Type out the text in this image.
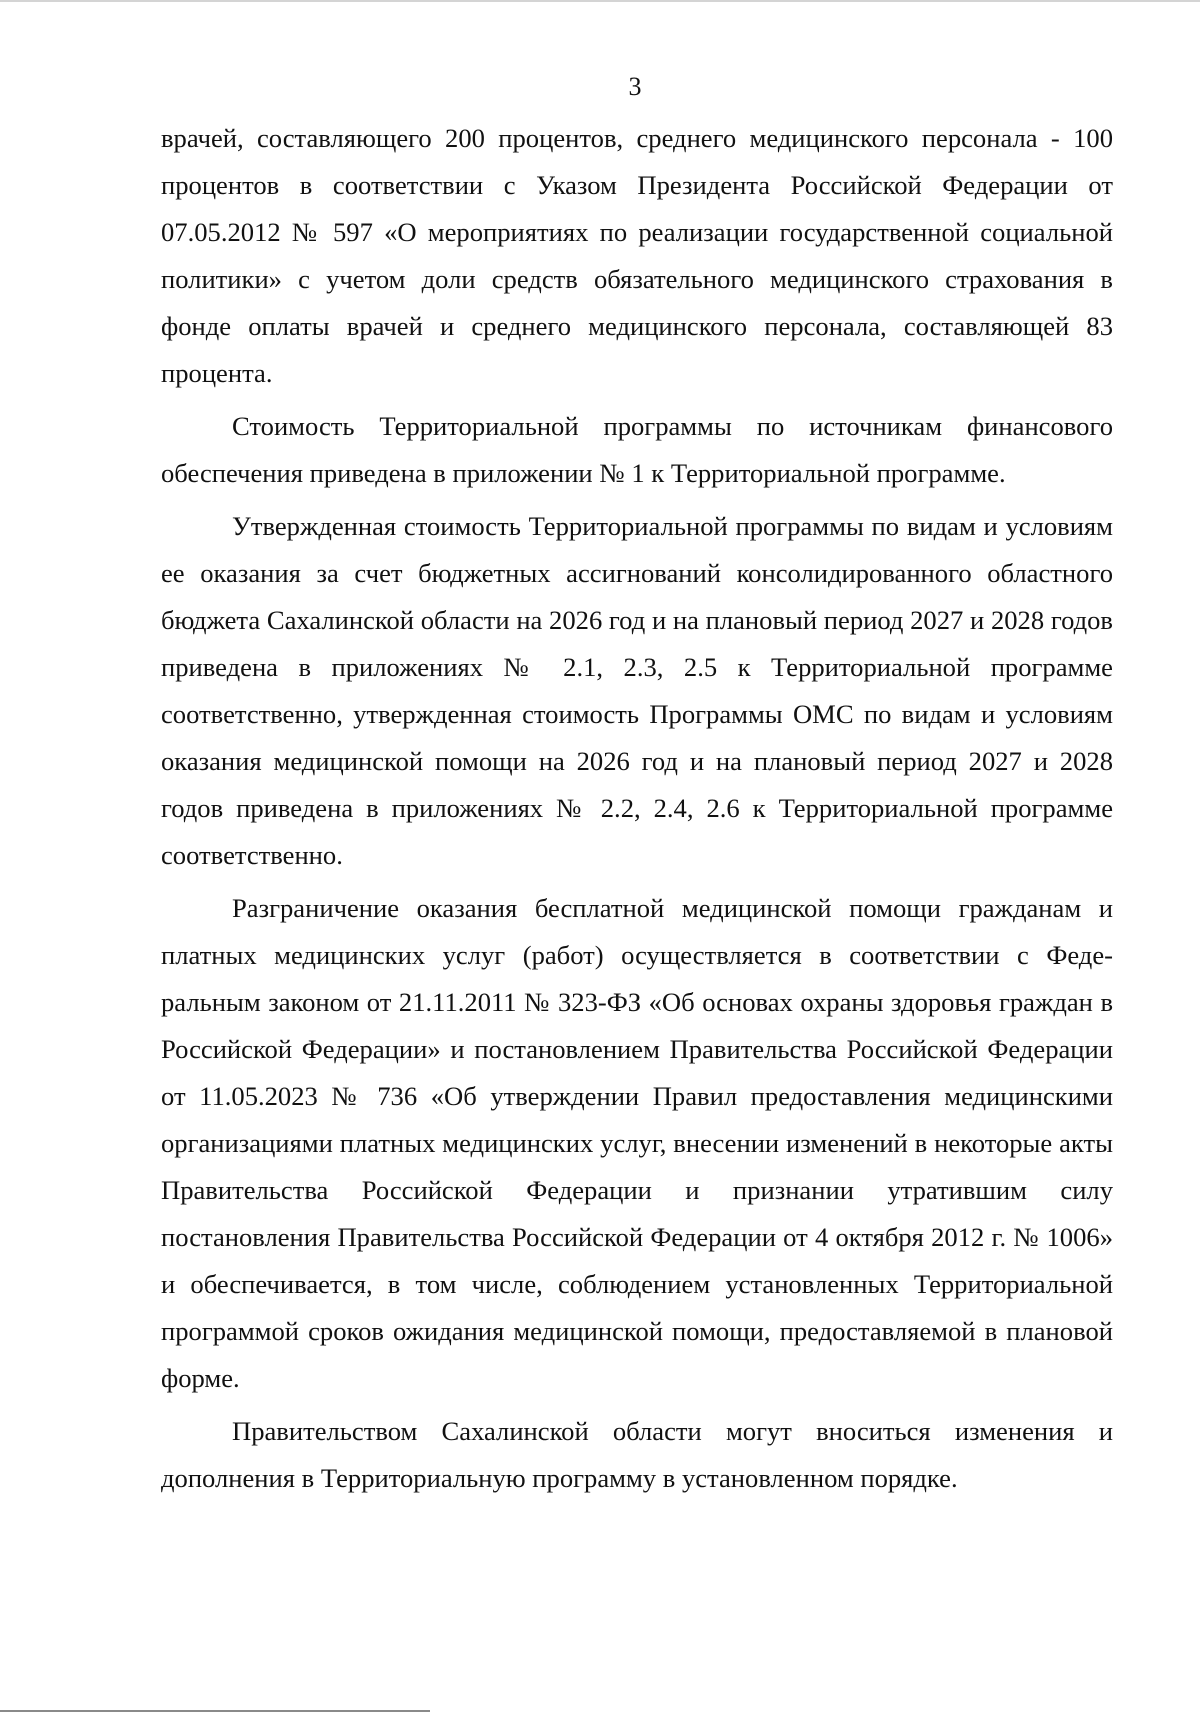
3

врачей, составляющего 200 процентов, среднего медицинского персонала - 100 процентов в соответствии с Указом Президента Российской Федерации от 07.05.2012 № 597 «О мероприятиях по реализации государственной социальной политики» с учетом доли средств обязательного медицинского страхования в фонде оплаты врачей и среднего медицинского персонала, составляющей 83 процента.

Стоимость Территориальной программы по источникам финансового обеспечения приведена в приложении № 1 к Территориальной программе.

Утвержденная стоимость Территориальной программы по видам и условиям ее оказания за счет бюджетных ассигнований консолидированного областного бюджета Сахалинской области на 2026 год и на плановый период 2027 и 2028 годов приведена в приложениях № 2.1, 2.3, 2.5 к Территориальной программе соответственно, утвержденная стоимость Программы ОМС по видам и условиям оказания медицинской помощи на 2026 год и на плановый период 2027 и 2028 годов приведена в приложениях № 2.2, 2.4, 2.6 к Территориальной программе соответственно.

Разграничение оказания бесплатной медицинской помощи гражданам и платных медицинских услуг (работ) осуществляется в соответствии с Федеральным законом от 21.11.2011 № 323-ФЗ «Об основах охраны здоровья граждан в Российской Федерации» и постановлением Правительства Российской Федерации от 11.05.2023 № 736 «Об утверждении Правил предоставления медицинскими организациями платных медицинских услуг, внесении изменений в некоторые акты Правительства Российской Федерации и признании утратившим силу постановления Правительства Российской Федерации от 4 октября 2012 г. № 1006» и обеспечивается, в том числе, соблюдением установленных Территориальной программой сроков ожидания медицинской помощи, предоставляемой в плановой форме.

Правительством Сахалинской области могут вноситься изменения и дополнения в Территориальную программу в установленном порядке.
